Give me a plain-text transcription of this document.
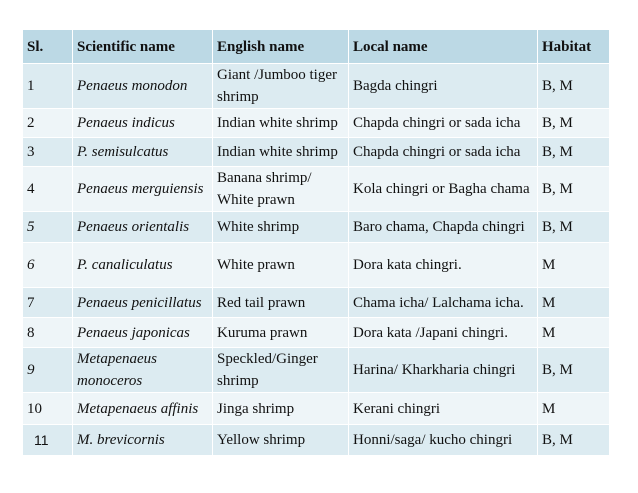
Sl.	Scientific name	English name	Local name	Habitat
1	Penaeus monodon	Giant /Jumboo tiger shrimp	Bagda chingri	B, M
2	Penaeus indicus	Indian white shrimp	Chapda chingri or sada icha	B, M
3	P. semisulcatus	Indian white shrimp	Chapda chingri or sada icha	B, M
4	Penaeus merguiensis	Banana shrimp/ White prawn	Kola chingri or Bagha chama	B, M
5	Penaeus orientalis	White shrimp	Baro chama, Chapda chingri	B, M
6	P. canaliculatus	White prawn	Dora kata chingri.	M
7	Penaeus penicillatus	Red tail prawn	Chama icha/ Lalchama icha.	M
8	Penaeus japonicas	Kuruma prawn	Dora kata /Japani chingri.	M
9	Metapenaeus monoceros	Speckled/Ginger shrimp	Harina/ Kharkharia chingri	B, M
10	Metapenaeus affinis	Jinga shrimp	Kerani chingri	M
11	M. brevicornis	Yellow shrimp	Honni/saga/ kucho chingri	B, M
